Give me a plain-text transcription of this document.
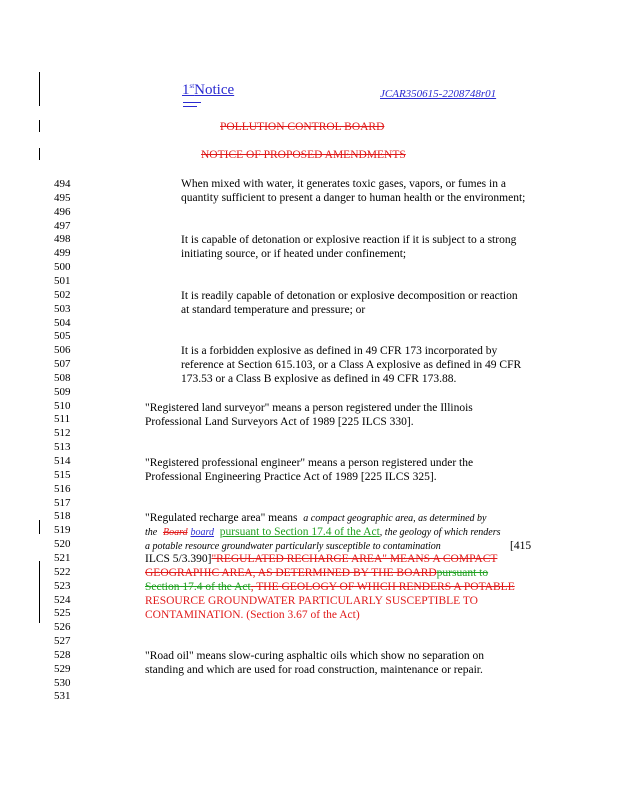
1stNotice	JCAR350615-2208748r01
POLLUTION CONTROL BOARD
NOTICE OF PROPOSED AMENDMENTS
494
495
496
497
498
499
500
501
502
503
504
505
506
507
508
509
510
511
512
513
514
515
516
517
518
519
520
521
522
523
524
525
526
527
528
529
530
531
When mixed with water, it generates toxic gases, vapors, or fumes in a
quantity sufficient to present a danger to human health or the environment;
It is capable of detonation or explosive reaction if it is subject to a strong
initiating source, or if heated under confinement;
It is readily capable of detonation or explosive decomposition or reaction
at standard temperature and pressure; or
It is a forbidden explosive as defined in 49 CFR 173 incorporated by
reference at Section 615.103, or a Class A explosive as defined in 49 CFR
173.53 or a Class B explosive as defined in 49 CFR 173.88.
"Registered land surveyor" means a person registered under the Illinois
Professional Land Surveyors Act of 1989 [225 ILCS 330].
"Registered professional engineer" means a person registered under the
Professional Engineering Practice Act of 1989 [225 ILCS 325].
"Regulated recharge area" means a compact geographic area, as determined by
the Board board pursuant to Section 17.4 of the Act, the geology of which renders
a potable resource groundwater particularly susceptible to contamination	[415
ILCS 5/3.390]"REGULATED RECHARGE AREA" MEANS A COMPACT
GEOGRAPHIC AREA, AS DETERMINED BY THE BOARDpursuant to
Section 17.4 of the Act, THE GEOLOGY OF WHICH RENDERS A POTABLE
RESOURCE GROUNDWATER PARTICULARLY SUSCEPTIBLE TO
CONTAMINATION. (Section 3.67 of the Act)
"Road oil" means slow-curing asphaltic oils which show no separation on
standing and which are used for road construction, maintenance or repair.
